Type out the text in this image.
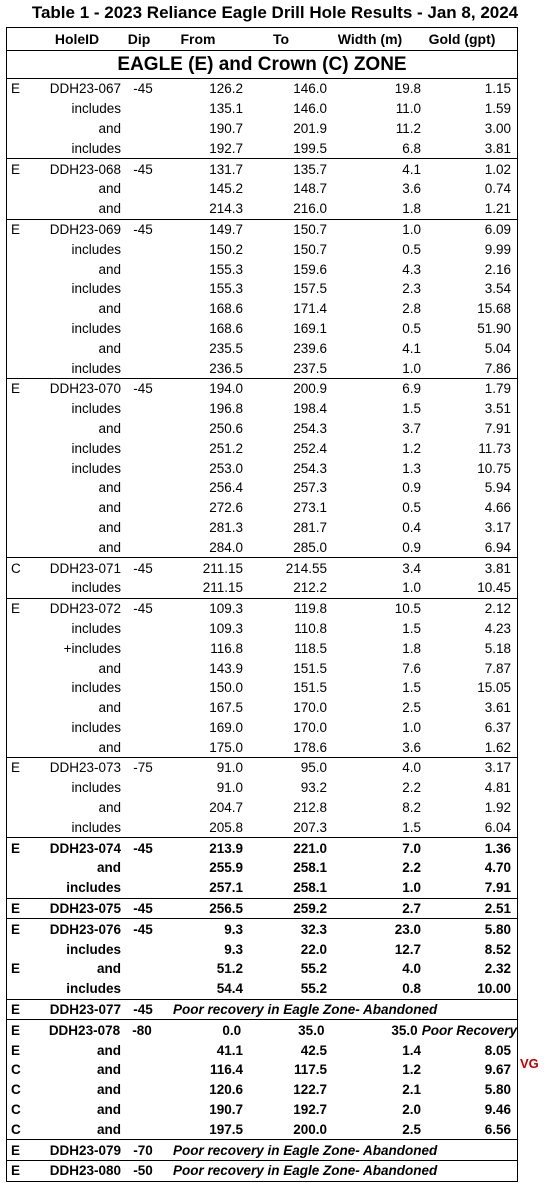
Table 1 - 2023 Reliance Eagle Drill Hole Results - Jan 8, 2024
HoleID	Dip	From	To	Width (m)	Gold (gpt)
EAGLE (E) and Crown (C) ZONE
E	DDH23-067 -45	126.2	146.0	19.8	1.15
includes	135.1	146.0	11.0	1.59
and	190.7	201.9	11.2	3.00
includes	192.7	199.5	6.8	3.81
E	DDH23-068 -45	131.7	135.7	4.1	1.02
and	145.2	148.7	3.6	0.74
and	214.3	216.0	1.8	1.21
E	DDH23-069 -45	149.7	150.7	1.0	6.09
includes	150.2	150.7	0.5	9.99
and	155.3	159.6	4.3	2.16
includes	155.3	157.5	2.3	3.54
and	168.6	171.4	2.8	15.68
includes	168.6	169.1	0.5	51.90
and	235.5	239.6	4.1	5.04
includes	236.5	237.5	1.0	7.86
E	DDH23-070 -45	194.0	200.9	6.9	1.79
includes	196.8	198.4	1.5	3.51
and	250.6	254.3	3.7	7.91
includes	251.2	252.4	1.2	11.73
includes	253.0	254.3	1.3	10.75
and	256.4	257.3	0.9	5.94
and	272.6	273.1	0.5	4.66
and	281.3	281.7	0.4	3.17
and	284.0	285.0	0.9	6.94
C	DDH23-071 -45	211.15	214.55	3.4	3.81
includes	211.15	212.2	1.0	10.45
E	DDH23-072 -45	109.3	119.8	10.5	2.12
includes	109.3	110.8	1.5	4.23
+includes	116.8	118.5	1.8	5.18
and	143.9	151.5	7.6	7.87
includes	150.0	151.5	1.5	15.05
and	167.5	170.0	2.5	3.61
includes	169.0	170.0	1.0	6.37
and	175.0	178.6	3.6	1.62
E	DDH23-073 -75	91.0	95.0	4.0	3.17
includes	91.0	93.2	2.2	4.81
and	204.7	212.8	8.2	1.92
includes	205.8	207.3	1.5	6.04
E	DDH23-074 -45	213.9	221.0	7.0	1.36
and	255.9	258.1	2.2	4.70
includes	257.1	258.1	1.0	7.91
E	DDH23-075 -45	256.5	259.2	2.7	2.51
E	DDH23-076 -45	9.3	32.3	23.0	5.80
includes	9.3	22.0	12.7	8.52
E	and	51.2	55.2	4.0	2.32
includes	54.4	55.2	0.8	10.00
E	DDH23-077 -45	Poor recovery in Eagle Zone- Abandoned
E	DDH23-078 -80	0.0	35.0	35.0 Poor Recovery
E	and	41.1	42.5	1.4	8.05
C	and	116.4	117.5	1.2	9.67
C	and	120.6	122.7	2.1	5.80
C	and	190.7	192.7	2.0	9.46
C	and	197.5	200.0	2.5	6.56
E	DDH23-079 -70	Poor recovery in Eagle Zone- Abandoned
E	DDH23-080 -50	Poor recovery in Eagle Zone- Abandoned
VG
